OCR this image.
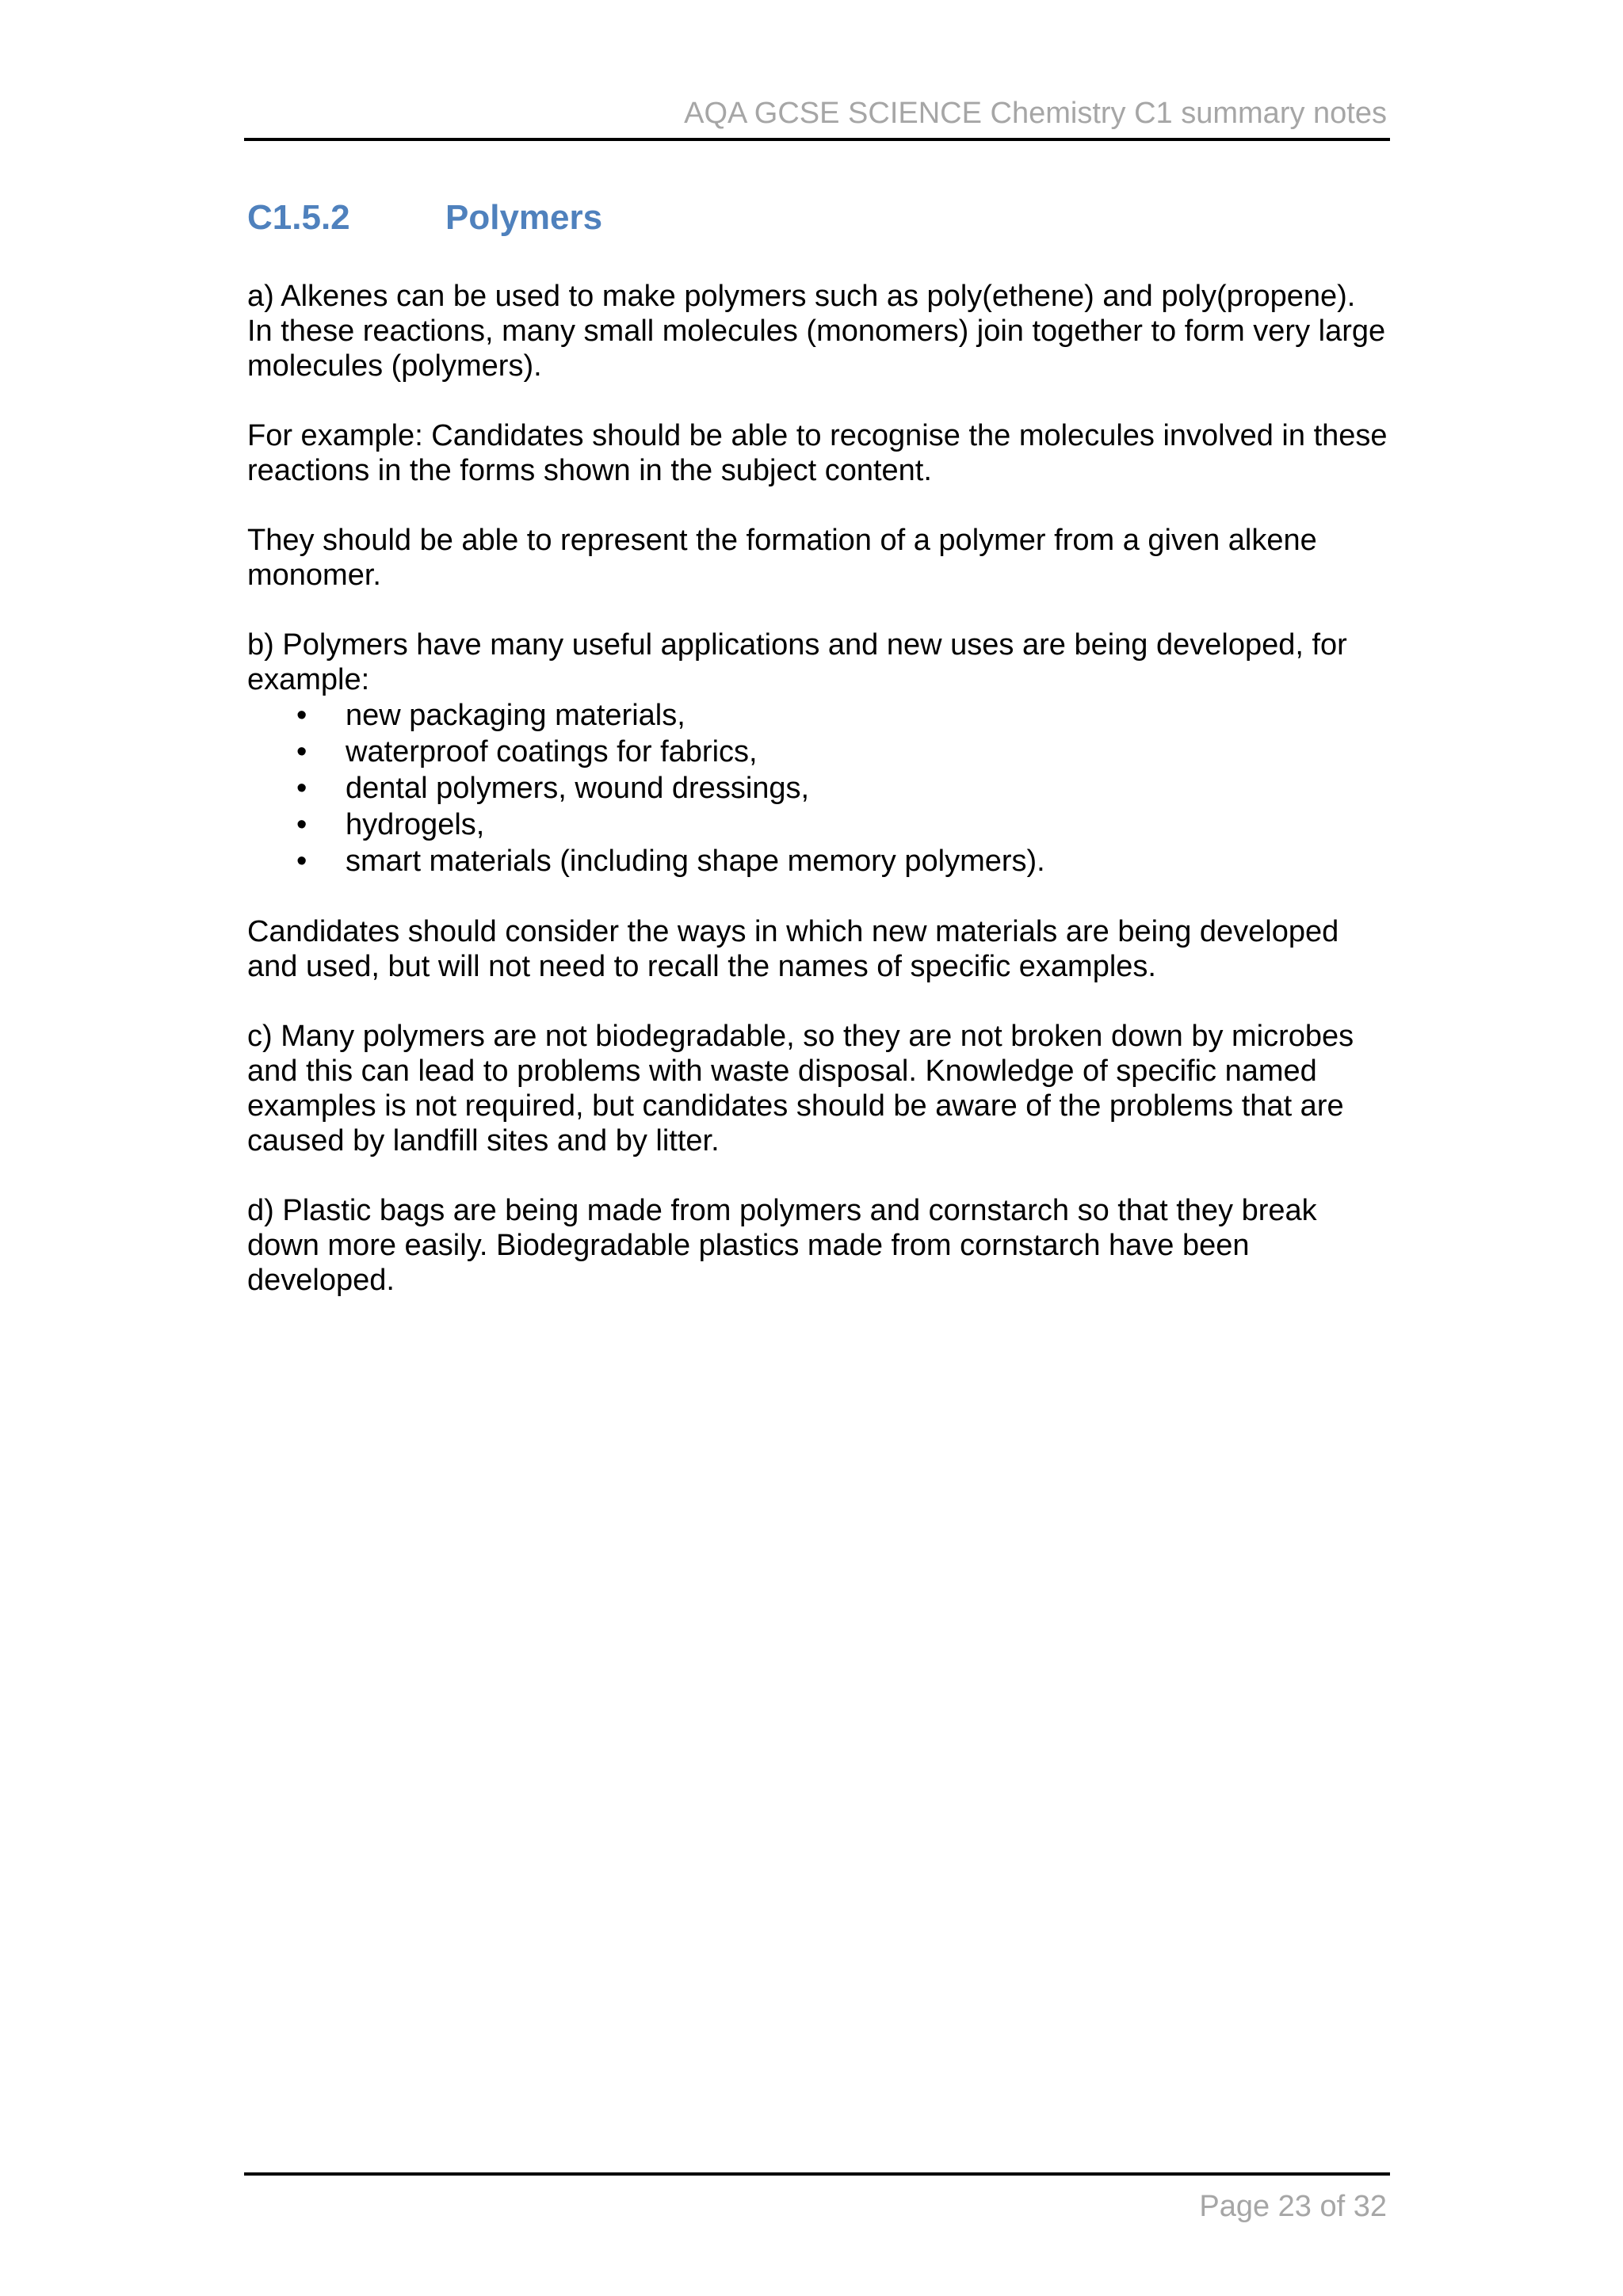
AQA GCSE SCIENCE Chemistry C1 summary notes
C1.5.2	Polymers

a) Alkenes can be used to make polymers such as poly(ethene) and poly(propene). In these reactions, many small molecules (monomers) join together to form very large molecules (polymers).

For example: Candidates should be able to recognise the molecules involved in these reactions in the forms shown in the subject content.

They should be able to represent the formation of a polymer from a given alkene monomer.

b) Polymers have many useful applications and new uses are being developed, for example:

• new packaging materials,
• waterproof coatings for fabrics,
• dental polymers, wound dressings,
• hydrogels,
• smart materials (including shape memory polymers).

Candidates should consider the ways in which new materials are being developed and used, but will not need to recall the names of specific examples.

c) Many polymers are not biodegradable, so they are not broken down by microbes and this can lead to problems with waste disposal. Knowledge of specific named examples is not required, but candidates should be aware of the problems that are caused by landfill sites and by litter.

d) Plastic bags are being made from polymers and cornstarch so that they break down more easily. Biodegradable plastics made from cornstarch have been developed.

Page 23 of 32
